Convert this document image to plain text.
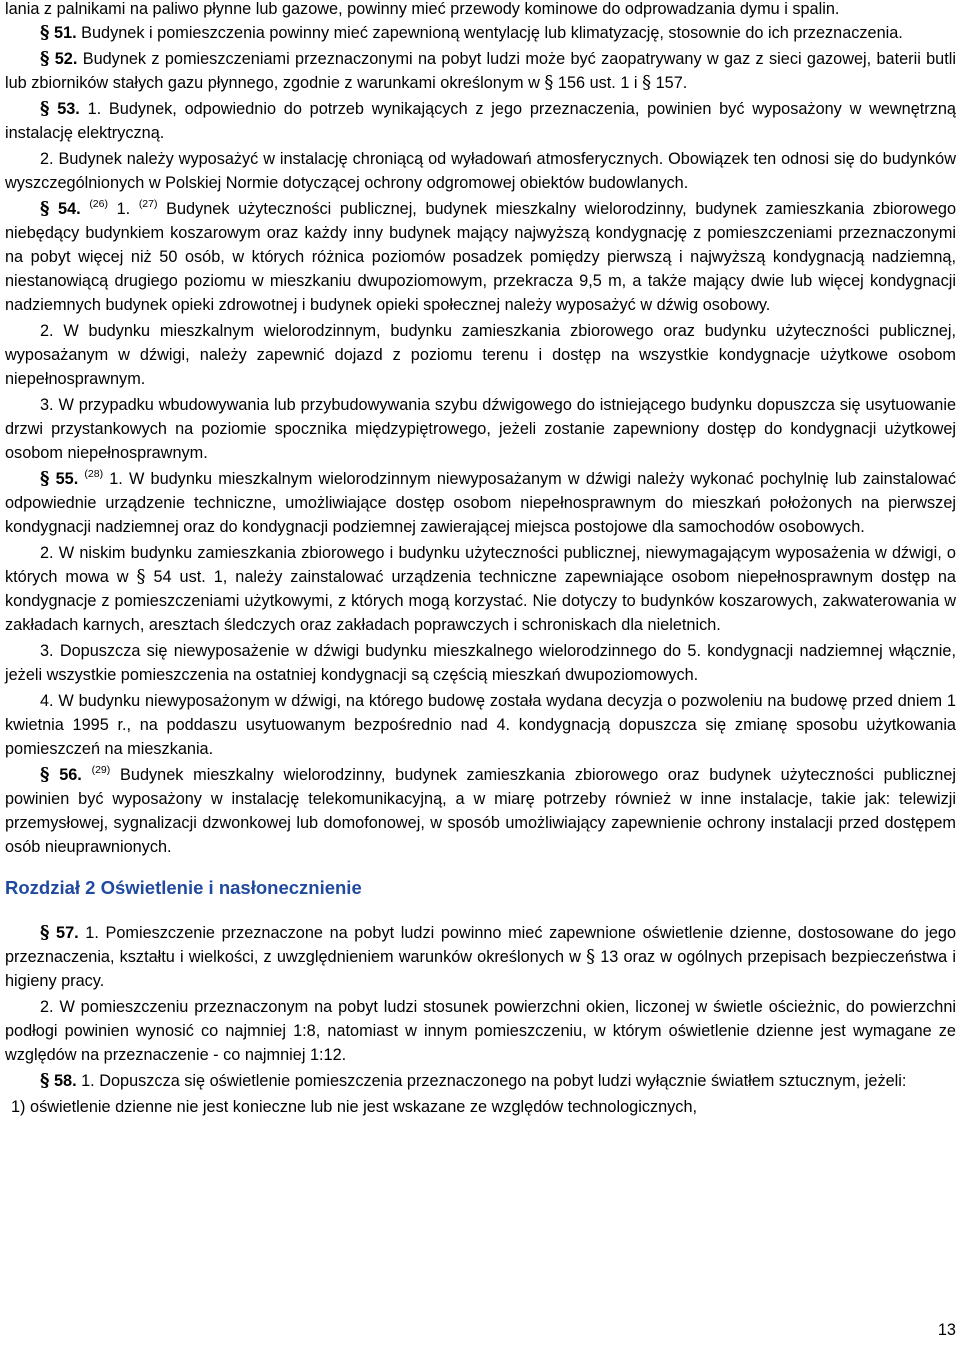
lania z palnikami na paliwo płynne lub gazowe, powinny mieć przewody kominowe do odprowadzania dymu i spalin.

§ 51. Budynek i pomieszczenia powinny mieć zapewnioną wentylację lub klimatyzację, stosownie do ich przeznaczenia.

§ 52. Budynek z pomieszczeniami przeznaczonymi na pobyt ludzi może być zaopatrywany w gaz z sieci gazowej, baterii butli lub zbiorników stałych gazu płynnego, zgodnie z warunkami określonym w § 156 ust. 1 i § 157.

§ 53. 1. Budynek, odpowiednio do potrzeb wynikających z jego przeznaczenia, powinien być wyposażony w wewnętrzną instalację elektryczną.

2. Budynek należy wyposażyć w instalację chroniącą od wyładowań atmosferycznych. Obowiązek ten odnosi się do budynków wyszczególnionych w Polskiej Normie dotyczącej ochrony odgromowej obiektów budowlanych.

§ 54. $^{(26)}$ 1. $^{(27)}$ Budynek użyteczności publicznej, budynek mieszkalny wielorodzinny, budynek zamieszkania zbiorowego niebędący budynkiem koszarowym oraz każdy inny budynek mający najwyższą kondygnację z pomieszczeniami przeznaczonymi na pobyt więcej niż 50 osób, w których różnica poziomów posadzek pomiędzy pierwszą i najwyższą kondygnacją nadziemną, niestanowiącą drugiego poziomu w mieszkaniu dwupoziomowym, przekracza 9,5 m, a także mający dwie lub więcej kondygnacji nadziemnych budynek opieki zdrowotnej i budynek opieki społecznej należy wyposażyć w dźwig osobowy.

2. W budynku mieszkalnym wielorodzinnym, budynku zamieszkania zbiorowego oraz budynku użyteczności publicznej, wyposażanym w dźwigi, należy zapewnić dojazd z poziomu terenu i dostęp na wszystkie kondygnacje użytkowe osobom niepełnosprawnym.

3. W przypadku wbudowywania lub przybudowywania szybu dźwigowego do istniejącego budynku dopuszcza się usytuowanie drzwi przystankowych na poziomie spocznika międzypiętrowego, jeżeli zostanie zapewniony dostęp do kondygnacji użytkowej osobom niepełnosprawnym.

§ 55. $^{(28)}$ 1. W budynku mieszkalnym wielorodzinnym niewyposażanym w dźwigi należy wykonać pochylnię lub zainstalować odpowiednie urządzenie techniczne, umożliwiające dostęp osobom niepełnosprawnym do mieszkań położonych na pierwszej kondygnacji nadziemnej oraz do kondygnacji podziemnej zawierającej miejsca postojowe dla samochodów osobowych.

2. W niskim budynku zamieszkania zbiorowego i budynku użyteczności publicznej, niewymagającym wyposażenia w dźwigi, o których mowa w § 54 ust. 1, należy zainstalować urządzenia techniczne zapewniające osobom niepełnosprawnym dostęp na kondygnacje z pomieszczeniami użytkowymi, z których mogą korzystać. Nie dotyczy to budynków koszarowych, zakwaterowania w zakładach karnych, aresztach śledczych oraz zakładach poprawczych i schroniskach dla nieletnich.

3. Dopuszcza się niewyposażenie w dźwigi budynku mieszkalnego wielorodzinnego do 5. kondygnacji nadziemnej włącznie, jeżeli wszystkie pomieszczenia na ostatniej kondygnacji są częścią mieszkań dwupoziomowych.

4. W budynku niewyposażonym w dźwigi, na którego budowę została wydana decyzja o pozwoleniu na budowę przed dniem 1 kwietnia 1995 r., na poddaszu usytuowanym bezpośrednio nad 4. kondygnacją dopuszcza się zmianę sposobu użytkowania pomieszczeń na mieszkania.

§ 56. $^{(29)}$ Budynek mieszkalny wielorodzinny, budynek zamieszkania zbiorowego oraz budynek użyteczności publicznej powinien być wyposażony w instalację telekomunikacyjną, a w miarę potrzeby również w inne instalacje, takie jak: telewizji przemysłowej, sygnalizacji dzwonkowej lub domofonowej, w sposób umożliwiający zapewnienie ochrony instalacji przed dostępem osób nieuprawnionych.

Rozdział 2 Oświetlenie i nasłonecznienie

§ 57. 1. Pomieszczenie przeznaczone na pobyt ludzi powinno mieć zapewnione oświetlenie dzienne, dostosowane do jego przeznaczenia, kształtu i wielkości, z uwzględnieniem warunków określonych w § 13 oraz w ogólnych przepisach bezpieczeństwa i higieny pracy.

2. W pomieszczeniu przeznaczonym na pobyt ludzi stosunek powierzchni okien, liczonej w świetle ościeżnic, do powierzchni podłogi powinien wynosić co najmniej 1:8, natomiast w innym pomieszczeniu, w którym oświetlenie dzienne jest wymagane ze względów na przeznaczenie - co najmniej 1:12.

§ 58. 1. Dopuszcza się oświetlenie pomieszczenia przeznaczonego na pobyt ludzi wyłącznie światłem sztucznym, jeżeli:

1) oświetlenie dzienne nie jest konieczne lub nie jest wskazane ze względów technologicznych,

13
